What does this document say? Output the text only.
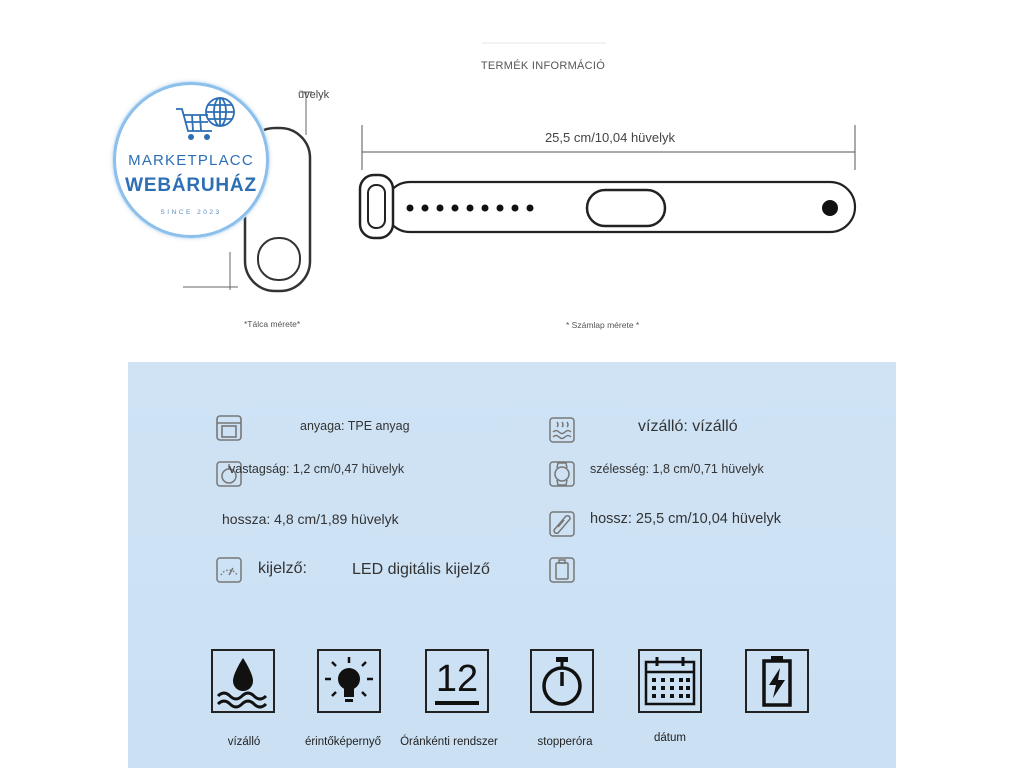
TERMÉK INFORMÁCIÓ
25,5 cm/10,04 hüvelyk
üvelyk
*Tálca mérete*	* Számlap mérete *
MARKETPLACC
WEBÁRUHÁZ
SINCE 2023
anyaga: TPE anyag	vízálló: vízálló
vastagság: 1,2 cm/0,47 hüvelyk	szélesség: 1,8 cm/0,71 hüvelyk
hossza: 4,8 cm/1,89 hüvelyk	hossz: 25,5 cm/10,04 hüvelyk
kijelző:	LED digitális kijelző
vízálló	érintőképernyő
12
Óránkénti rendszer	stopperóra	dátum
